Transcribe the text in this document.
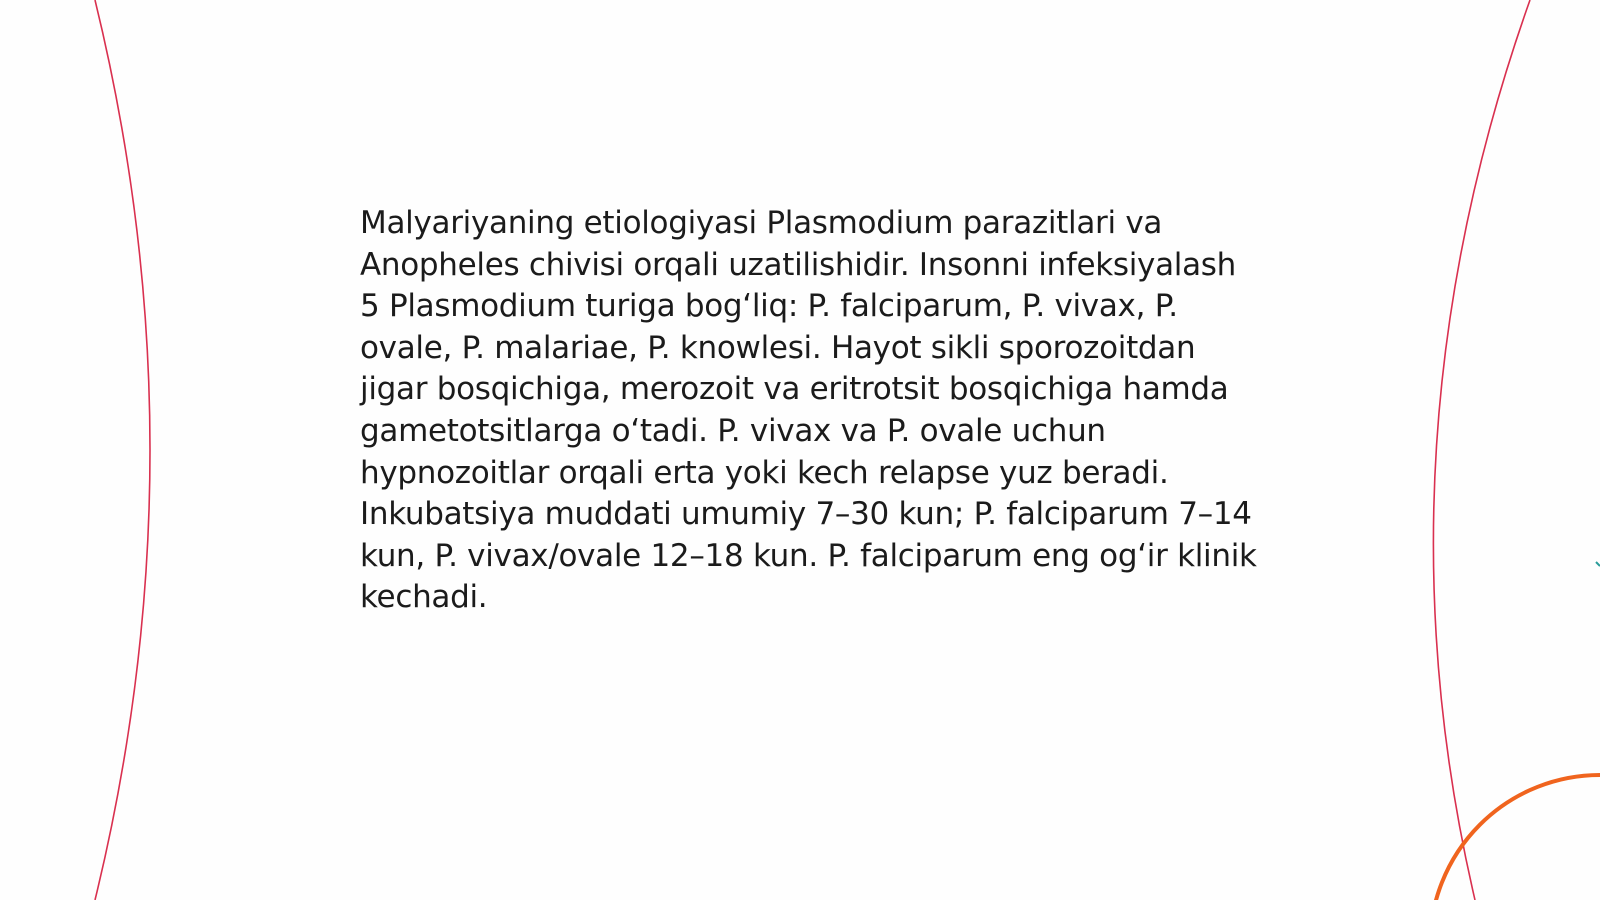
Malyariyaning etiologiyasi Plasmodium parazitlari va Anopheles chivisi orqali uzatilishidir. Insonni infeksiyalash 5 Plasmodium turiga bog‘liq: P. falciparum, P. vivax, P. ovale, P. malariae, P. knowlesi. Hayot sikli sporozoitdan jigar bosqichiga, merozoit va eritrotsit bosqichiga hamda gametotsitlarga o‘tadi. P. vivax va P. ovale uchun hypnozoitlar orqali erta yoki kech relapse yuz beradi. Inkubatsiya muddati umumiy 7–30 kun; P. falciparum 7–14 kun, P. vivax/ovale 12–18 kun. P. falciparum eng og‘ir klinik kechadi.
